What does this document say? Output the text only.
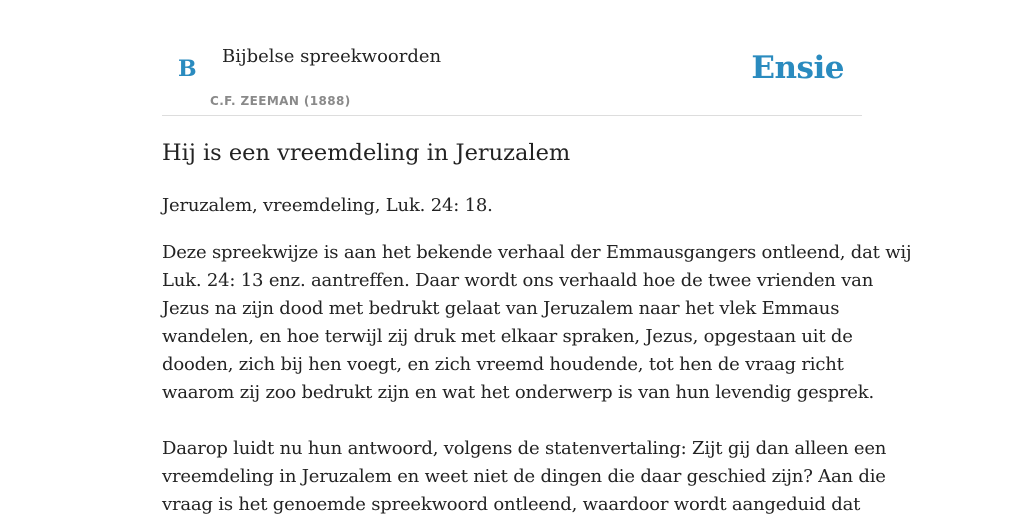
B Bijbelse spreekwoorden
C.F. ZEEMAN (1888)
Ensie
Hij is een vreemdeling in Jeruzalem
Jeruzalem, vreemdeling, Luk. 24: 18.

Deze spreekwijze is aan het bekende verhaal der Emmausgangers ontleend, dat wij
Luk. 24: 13 enz. aantreffen. Daar wordt ons verhaald hoe de twee vrienden van
Jezus na zijn dood met bedrukt gelaat van Jeruzalem naar het vlek Emmaus
wandelen, en hoe terwijl zij druk met elkaar spraken, Jezus, opgestaan uit de
dooden, zich bij hen voegt, en zich vreemd houdende, tot hen de vraag richt
waarom zij zoo bedrukt zijn en wat het onderwerp is van hun levendig gesprek.

Daarop luidt nu hun antwoord, volgens de statenvertaling: Zijt gij dan alleen een
vreemdeling in Jeruzalem en weet niet de dingen die daar geschied zijn? Aan die
vraag is het genoemde spreekwoord ontleend, waardoor wordt aangeduid dat
